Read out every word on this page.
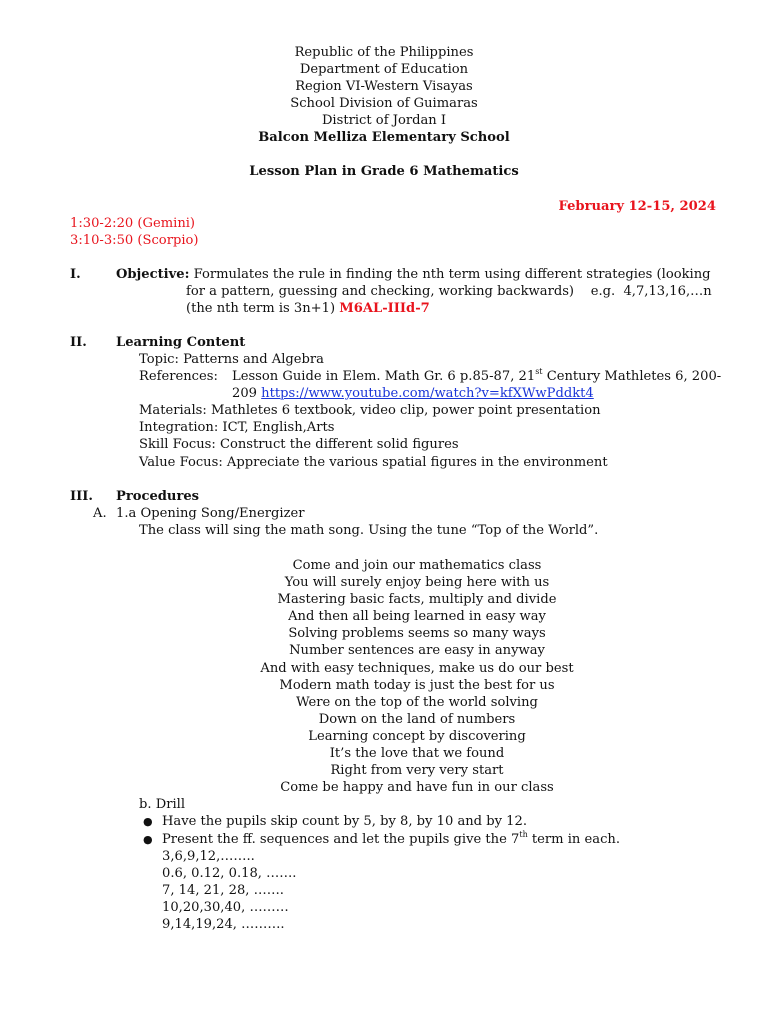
Republic of the Philippines
Department of Education
Region VI-Western Visayas
School Division of Guimaras
District of Jordan I
Balcon Melliza Elementary School
Lesson Plan in Grade 6 Mathematics
February 12-15, 2024
1:30-2:20 (Gemini)
3:10-3:50 (Scorpio)
I.	Objective: Formulates the rule in finding the nth term using different strategies (looking
for a pattern, guessing and checking, working backwards)    e.g.  4,7,13,16,…n
(the nth term is 3n+1) M6AL-IIId-7
II. Learning Content
Topic: Patterns and Algebra
References: Lesson Guide in Elem. Math Gr. 6 p.85-87, 21st Century Mathletes 6, 200-
209 https://www.youtube.com/watch?v=kfXWwPddkt4
Materials: Mathletes 6 textbook, video clip, power point presentation
Integration: ICT, English,Arts
Skill Focus: Construct the different solid figures
Value Focus: Appreciate the various spatial figures in the environment
III. Procedures
A. 1.a Opening Song/Energizer
The class will sing the math song. Using the tune “Top of the World”.
Come and join our mathematics class
You will surely enjoy being here with us
Mastering basic facts, multiply and divide
And then all being learned in easy way
Solving problems seems so many ways
Number sentences are easy in anyway
And with easy techniques, make us do our best
Modern math today is just the best for us
Were on the top of the world solving
Down on the land of numbers
Learning concept by discovering
It’s the love that we found
Right from very very start
Come be happy and have fun in our class
b. Drill
● Have the pupils skip count by 5, by 8, by 10 and by 12.
● Present the ff. sequences and let the pupils give the 7th term in each.
3,6,9,12,……..
0.6, 0.12, 0.18, …….
7, 14, 21, 28, …….
10,20,30,40, ………
9,14,19,24, ……….
